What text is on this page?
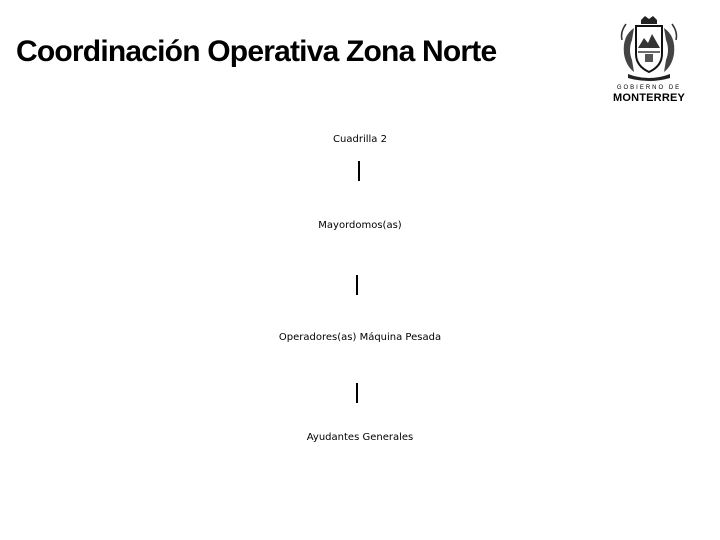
Coordinación Operativa Zona Norte
GOBIERNO DE
MONTERREY
Cuadrilla 2
Mayordomos(as)
Operadores(as) Máquina Pesada
Ayudantes Generales
